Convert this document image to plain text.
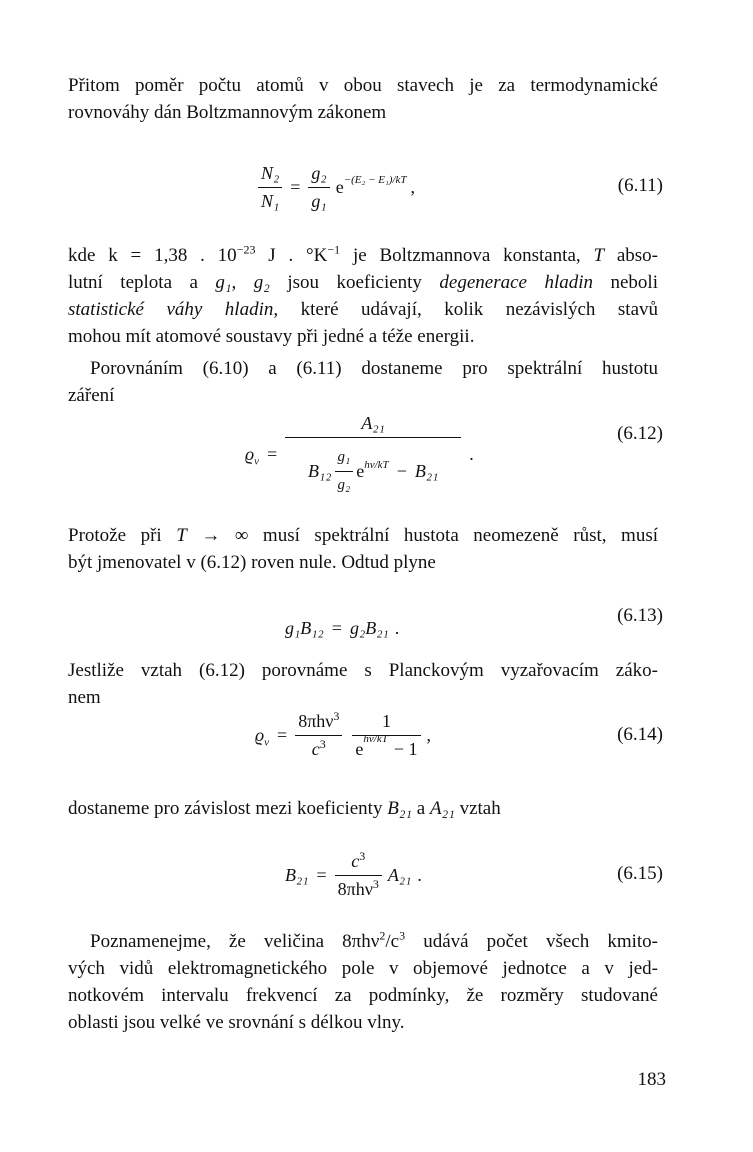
Přitom poměr počtu atomů v obou stavech je za termodynamické
rovnováhy dán Boltzmannovým zákonem

$\frac{\text{N₂}}{\text{N₁}} = \frac{\text{g₂}}{\text{g₁}}$ e $^{-(E_2 - E_1)/kT}$ ,	(6.11)

kde k = 1,38 . $10^{-23}$ J . $^\circ K^{-1}$ je Boltzmannova konstanta, T abso-
lutní teplota a g₁, g₂ jsou koeficienty degenerace hladin neboli
statistické váhy hladin, které udávají, kolik nezávislých stavů
mohou mít atomové soustavy při jedné a téže energii.

Porovnáním (6.10) a (6.11) dostaneme pro spektrální hustotu
záření

$ϱ_\nu$ =
A₂₁
$B_{12} \frac{\text{g₁}}{\text{g₂}}$ e $^{h\nu/kT}$ − B₂₁
.
(6.12)

Protože při T → ∞ musí spektrální hustota neomezeně růst, musí
být jmenovatel v (6.12) roven nule. Odtud plyne

g₁B₁₂ = g₂B₂₁ .
(6.13)

Jestliže vztah (6.12) porovnáme s Planckovým vyzařovacím záko-
nem

$ϱ_\nu = \frac{8\pi h\nu^3}{c^3} \frac{1}{e^{h\nu/kT} - 1}$ ,	(6.14)

dostaneme pro závislost mezi koeficienty B₂₁ a A₂₁ vztah

$B_{21} = \frac{c^3}{8\pi h\nu^3} A_{21}$ .	(6.15)

Poznamenejme, že veličina $8\pi h\nu^2/c^3$ udává počet všech kmito-
vých vidů elektromagnetického pole v objemové jednotce a v jed-
notkovém intervalu frekvencí za podmínky, že rozměry studované
oblasti jsou velké ve srovnání s délkou vlny.

183
